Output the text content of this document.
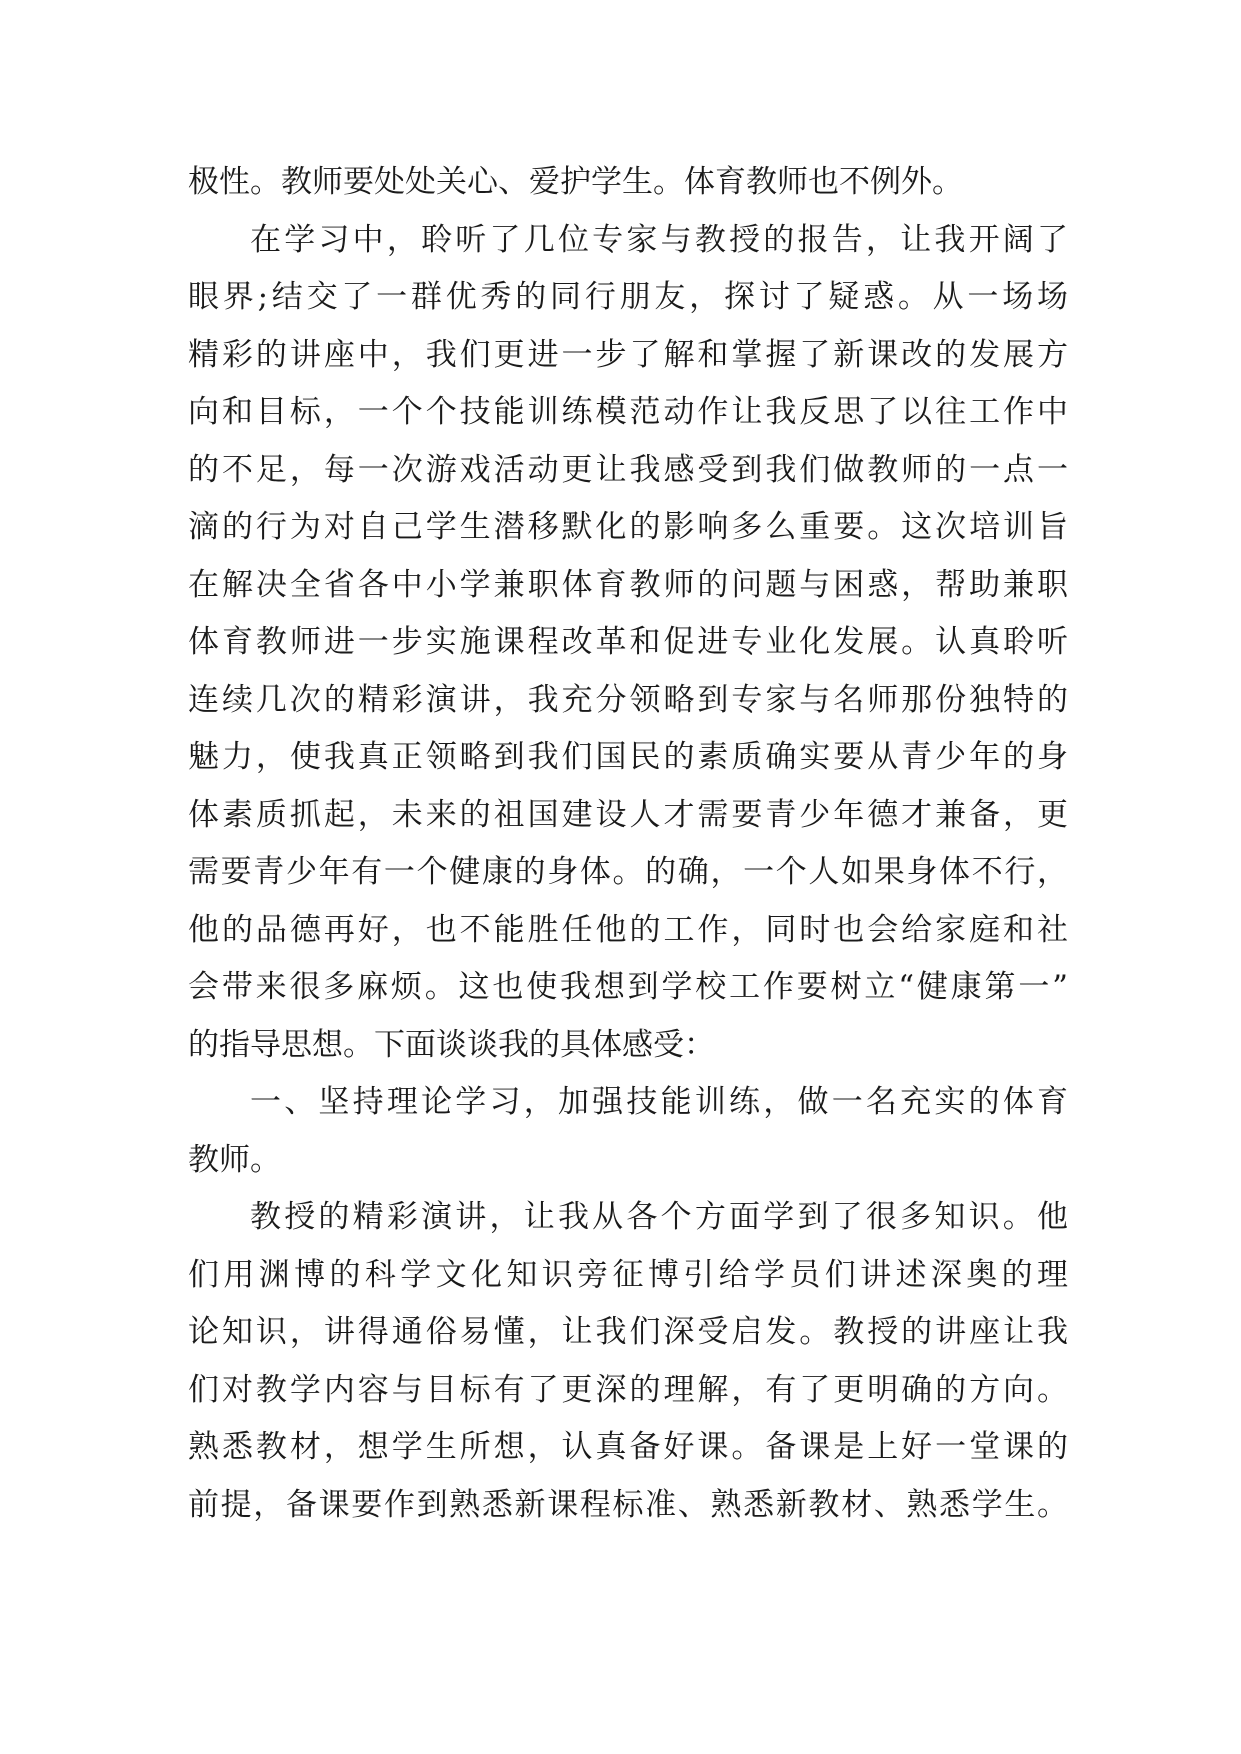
极性。教师要处处关心、爱护学生。体育教师也不例外。
在学习中，聆听了几位专家与教授的报告，让我开阔了
眼界;结交了一群优秀的同行朋友，探讨了疑惑。从一场场
精彩的讲座中，我们更进一步了解和掌握了新课改的发展方
向和目标，一个个技能训练模范动作让我反思了以往工作中
的不足，每一次游戏活动更让我感受到我们做教师的一点一
滴的行为对自己学生潜移默化的影响多么重要。这次培训旨
在解决全省各中小学兼职体育教师的问题与困惑，帮助兼职
体育教师进一步实施课程改革和促进专业化发展。认真聆听
连续几次的精彩演讲，我充分领略到专家与名师那份独特的
魅力，使我真正领略到我们国民的素质确实要从青少年的身
体素质抓起，未来的祖国建设人才需要青少年德才兼备，更
需要青少年有一个健康的身体。的确，一个人如果身体不行，
他的品德再好，也不能胜任他的工作，同时也会给家庭和社
会带来很多麻烦。这也使我想到学校工作要树立“健康第一”
的指导思想。下面谈谈我的具体感受：
一、坚持理论学习，加强技能训练，做一名充实的体育
教师。
教授的精彩演讲，让我从各个方面学到了很多知识。他
们用渊博的科学文化知识旁征博引给学员们讲述深奥的理
论知识，讲得通俗易懂，让我们深受启发。教授的讲座让我
们对教学内容与目标有了更深的理解，有了更明确的方向。
熟悉教材，想学生所想，认真备好课。备课是上好一堂课的
前提，备课要作到熟悉新课程标准、熟悉新教材、熟悉学生。
